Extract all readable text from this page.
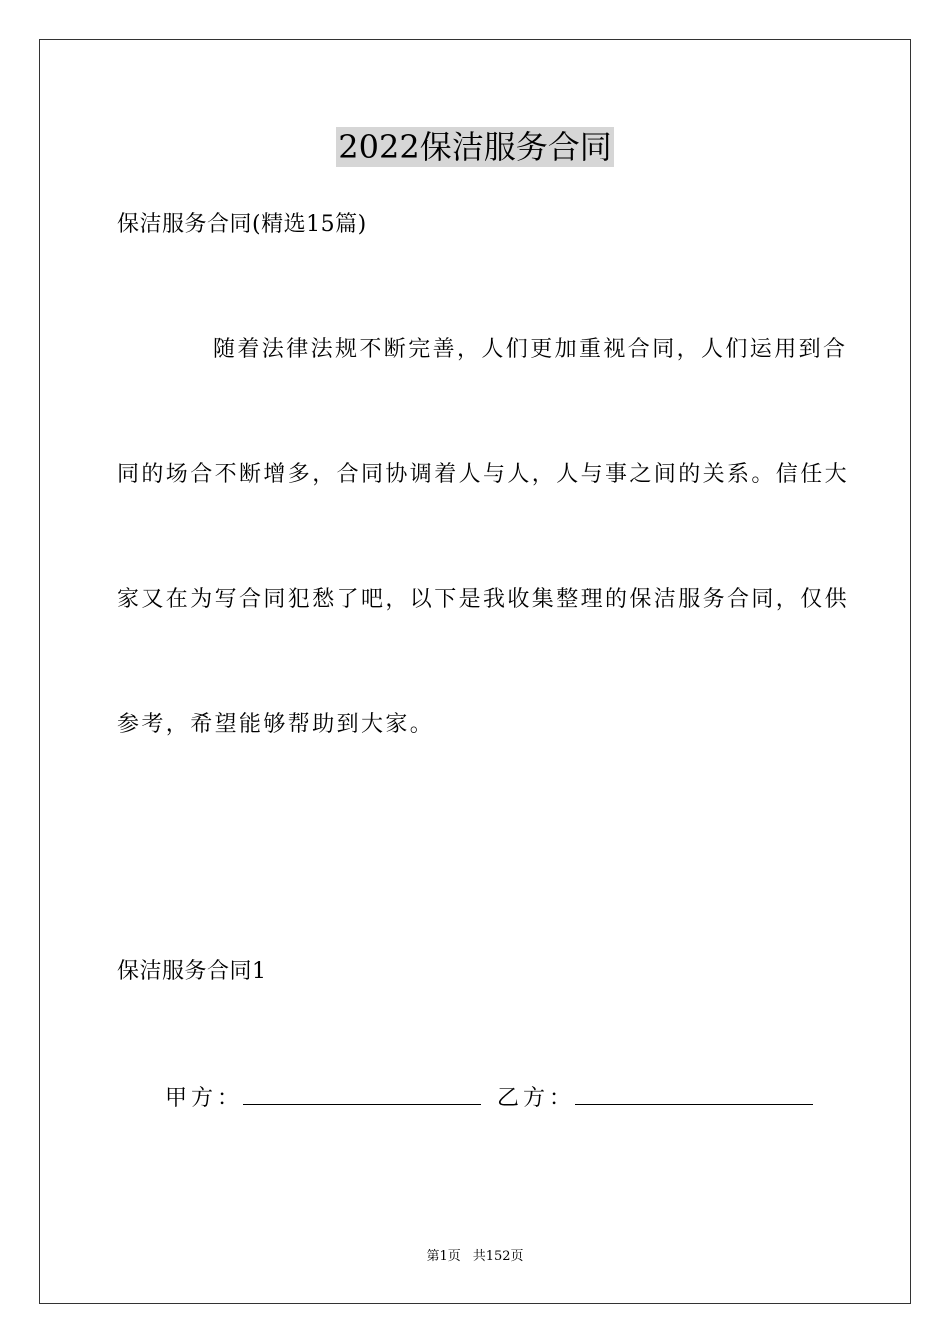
2022保洁服务合同
保洁服务合同(精选15篇)
随着法律法规不断完善，人们更加重视合同，人们运用到合
同的场合不断增多，合同协调着人与人，人与事之间的关系。信任大
家又在为写合同犯愁了吧，以下是我收集整理的保洁服务合同，仅供
参考，希望能够帮助到大家。
保洁服务合同1
甲方：	乙方：
第1页 共152页
